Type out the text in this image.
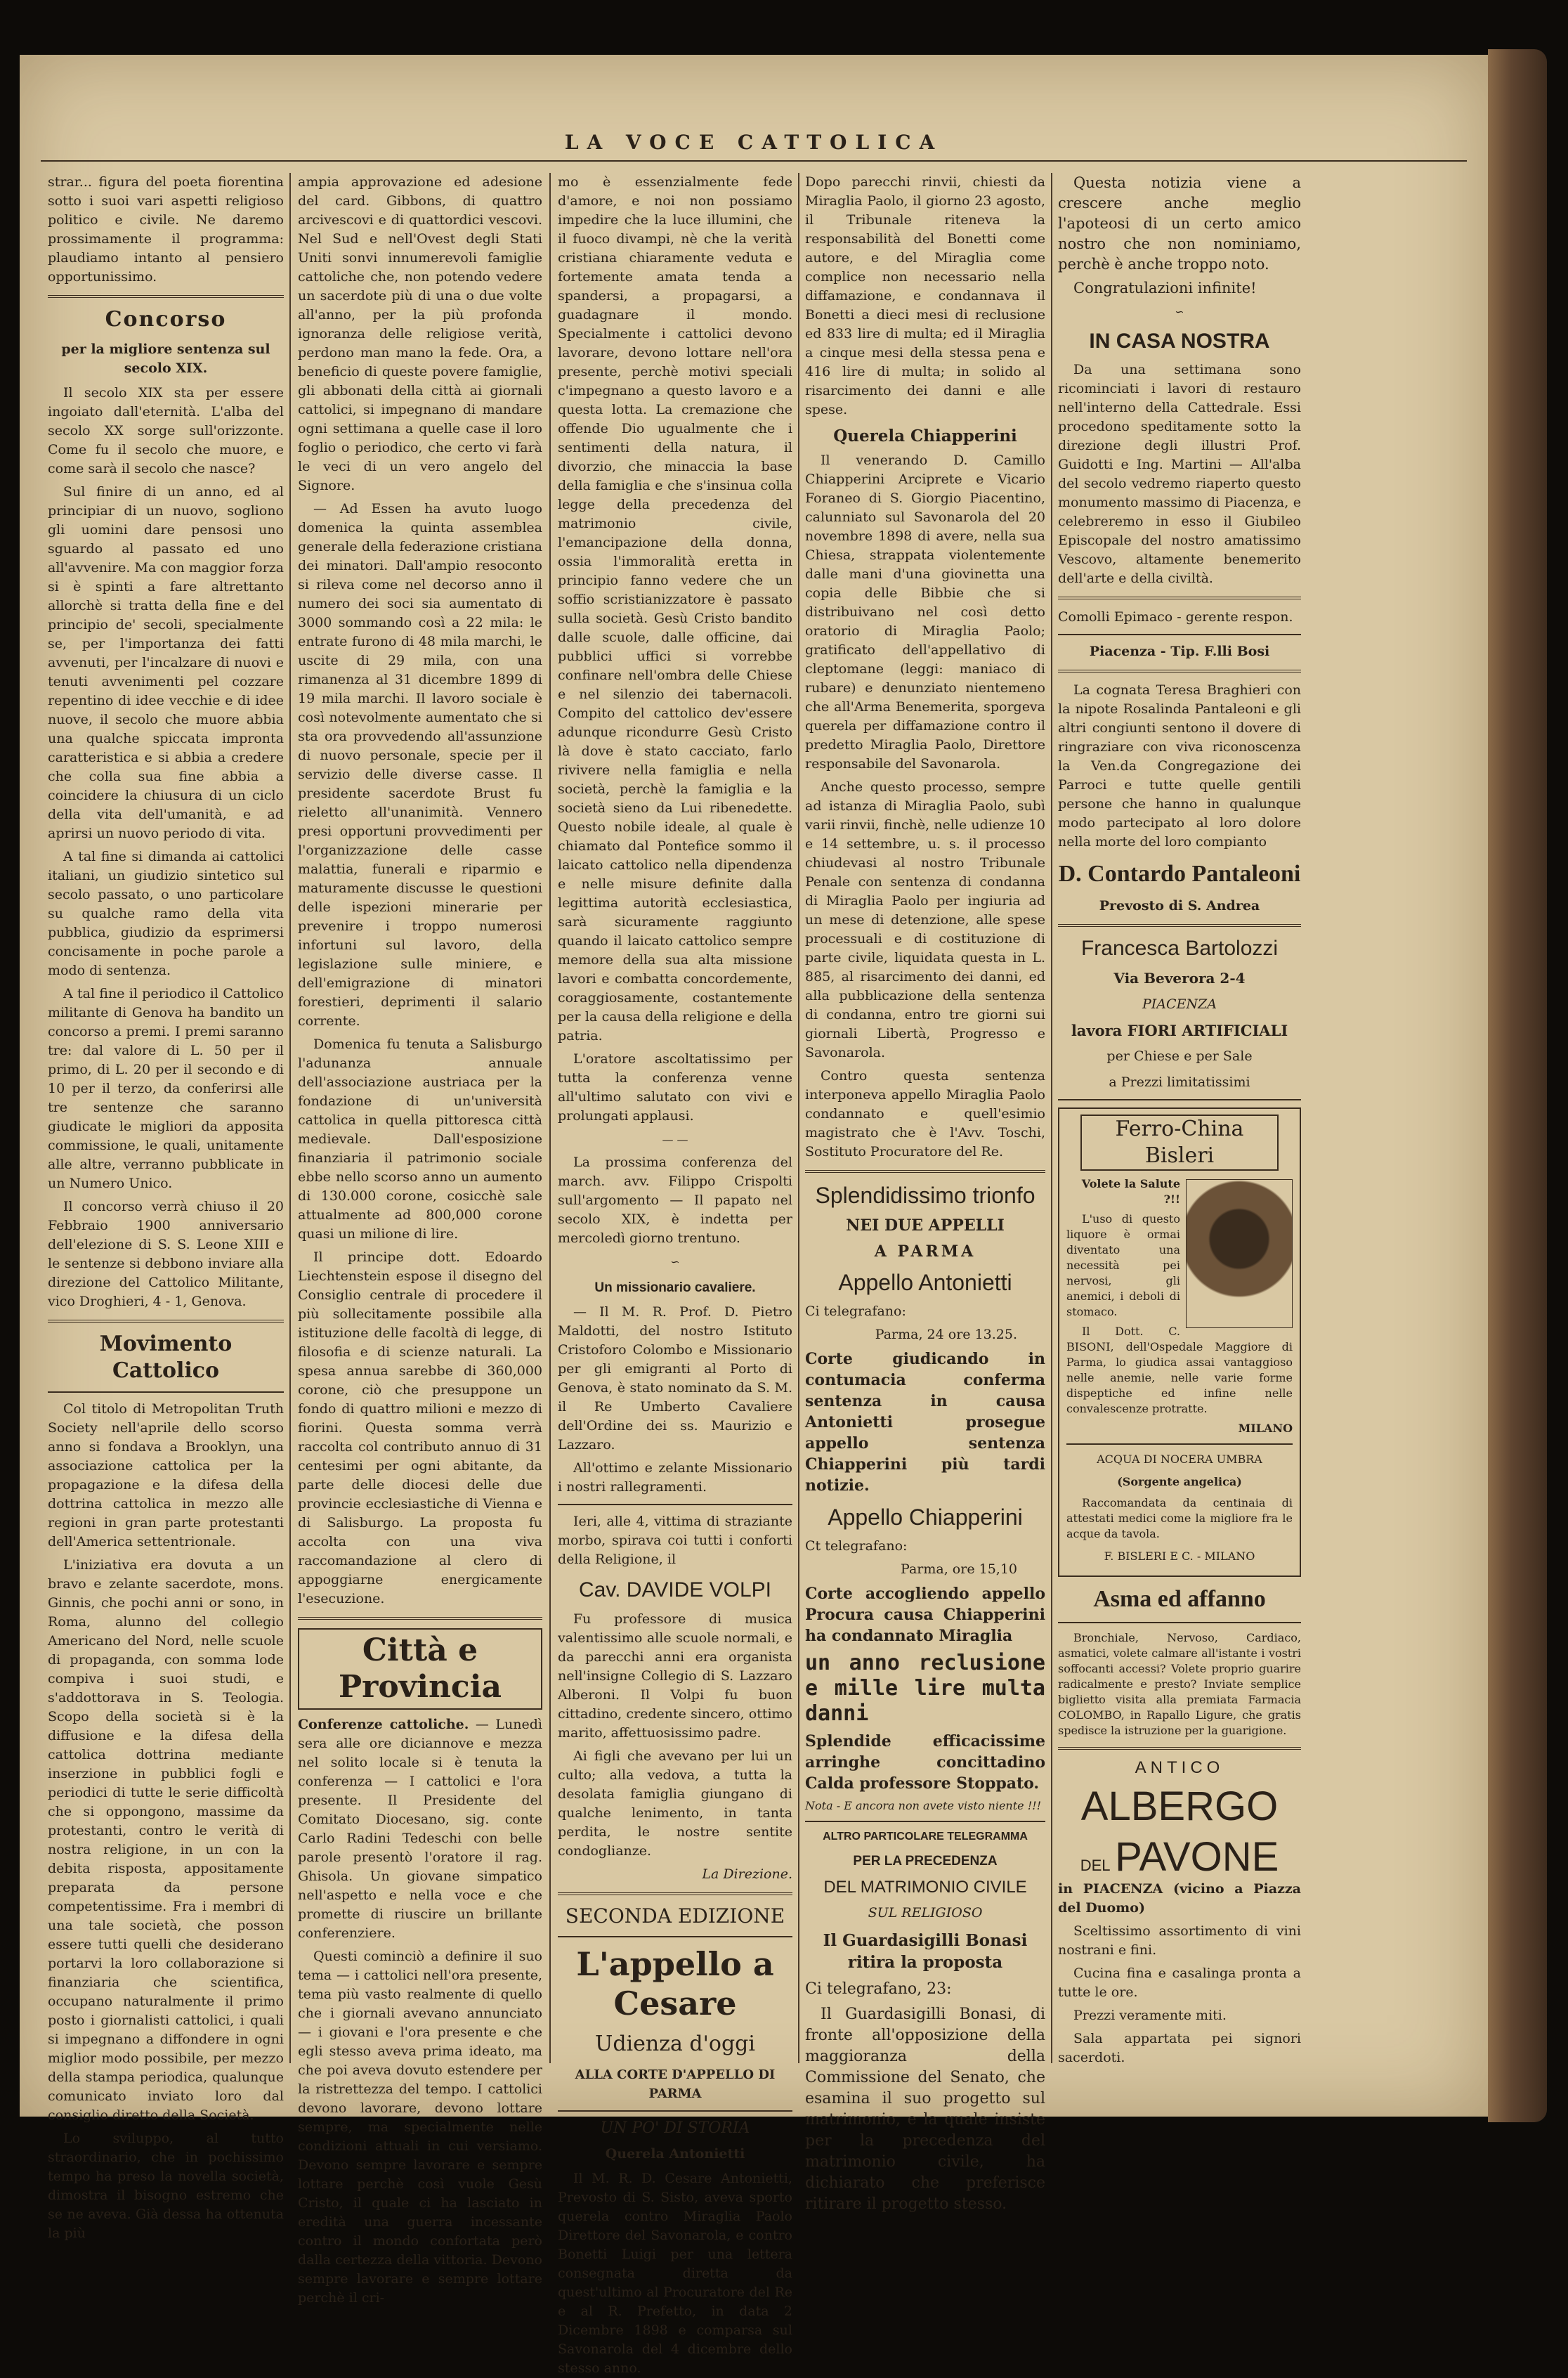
LA VOCE CATTOLICA

strar... figura del poeta fiorentina sotto i suoi vari aspetti religioso politico e civile. Ne daremo prossimamente il programma: plaudiamo intanto al pensiero opportunissimo.

Concorso
per la migliore sentenza sul secolo XIX.

Il secolo XIX sta per essere ingoiato dall'eternità. L'alba del secolo XX sorge sull'orizzonte. Come fu il secolo che muore, e come sarà il secolo che nasce?

Sul finire di un anno, ed al principiar di un nuovo, sogliono gli uomini dare pensosi uno sguardo al passato ed uno all'avvenire. Ma con maggior forza si è spinti a fare altrettanto allorchè si tratta della fine e del principio de' secoli, specialmente se, per l'importanza dei fatti avvenuti, per l'incalzare di nuovi e tenuti avvenimenti pel cozzare repentino di idee vecchie e di idee nuove, il secolo che muore abbia una qualche spiccata impronta caratteristica e si abbia a credere che colla sua fine abbia a coincidere la chiusura di un ciclo della vita dell'umanità, e ad aprirsi un nuovo periodo di vita.

A tal fine si dimanda ai cattolici italiani, un giudizio sintetico sul secolo passato, o uno particolare su qualche ramo della vita pubblica, giudizio da esprimersi concisamente in poche parole a modo di sentenza.

A tal fine il periodico il Cattolico militante di Genova ha bandito un concorso a premi. I premi saranno tre: dal valore di L. 50 per il primo, di L. 20 per il secondo e di 10 per il terzo, da conferirsi alle tre sentenze che saranno giudicate le migliori da apposita commissione, le quali, unitamente alle altre, verranno pubblicate in un Numero Unico.

Il concorso verrà chiuso il 20 Febbraio 1900 anniversario dell'elezione di S. S. Leone XIII e le sentenze si debbono inviare alla direzione del Cattolico Militante, vico Droghieri, 4 - 1, Genova.

Movimento Cattolico

Col titolo di Metropolitan Truth Society nell'aprile dello scorso anno si fondava a Brooklyn, una associazione cattolica per la propagazione e la difesa della dottrina cattolica in mezzo alle regioni in gran parte protestanti dell'America settentrionale.

L'iniziativa era dovuta a un bravo e zelante sacerdote, mons. Ginnis, che pochi anni or sono, in Roma, alunno del collegio Americano del Nord, nelle scuole di propaganda, con somma lode compiva i suoi studi, e s'addottorava in S. Teologia. Scopo della società si è la diffusione e la difesa della cattolica dottrina mediante inserzione in pubblici fogli e periodici di tutte le serie difficoltà che si oppongono, massime da protestanti, contro le verità di nostra religione, in un con la debita risposta, appositamente preparata da persone competentissime. Fra i membri di una tale società, che posson essere tutti quelli che desiderano portarvi la loro collaborazione si finanziaria che scientifica, occupano naturalmente il primo posto i giornalisti cattolici, i quali si impegnano a diffondere in ogni miglior modo possibile, per mezzo della stampa periodica, qualunque comunicato inviato loro dal consiglio diretto della Società.

Lo sviluppo, al tutto straordinario, che in pochissimo tempo ha preso la novella società, dimostra il bisogno estremo che se ne aveva. Già dessa ha ottenuta la più

ampia approvazione ed adesione del card. Gibbons, di quattro arcivescovi e di quattordici vescovi. Nel Sud e nell'Ovest degli Stati Uniti sonvi innumerevoli famiglie cattoliche che, non potendo vedere un sacerdote più di una o due volte all'anno, per la più profonda ignoranza delle religiose verità, perdono man mano la fede. Ora, a beneficio di queste povere famiglie, gli abbonati della città ai giornali cattolici, si impegnano di mandare ogni settimana a quelle case il loro foglio o periodico, che certo vi farà le veci di un vero angelo del Signore.

— Ad Essen ha avuto luogo domenica la quinta assemblea generale della federazione cristiana dei minatori. Dall'ampio resoconto si rileva come nel decorso anno il numero dei soci sia aumentato di 3000 sommando così a 22 mila: le entrate furono di 48 mila marchi, le uscite di 29 mila, con una rimanenza al 31 dicembre 1899 di 19 mila marchi. Il lavoro sociale è così notevolmente aumentato che si sta ora provvedendo all'assunzione di nuovo personale, specie per il servizio delle diverse casse. Il presidente sacerdote Brust fu rieletto all'unanimità. Vennero presi opportuni provvedimenti per l'organizzazione delle casse malattia, funerali e riparmio e maturamente discusse le questioni delle ispezioni minerarie per prevenire i troppo numerosi infortuni sul lavoro, della legislazione sulle miniere, e dell'emigrazione di minatori forestieri, deprimenti il salario corrente.

Domenica fu tenuta a Salisburgo l'adunanza annuale dell'associazione austriaca per la fondazione di un'università cattolica in quella pittoresca città medievale. Dall'esposizione finanziaria il patrimonio sociale ebbe nello scorso anno un aumento di 130.000 corone, cosicchè sale attualmente ad 800,000 corone quasi un milione di lire.

Il principe dott. Edoardo Liechtenstein espose il disegno del Consiglio centrale di procedere il più sollecitamente possibile alla istituzione delle facoltà di legge, di filosofia e di scienze naturali. La spesa annua sarebbe di 360,000 corone, ciò che presuppone un fondo di quattro milioni e mezzo di fiorini. Questa somma verrà raccolta col contributo annuo di 31 centesimi per ogni abitante, da parte delle diocesi delle due provincie ecclesiastiche di Vienna e di Salisburgo. La proposta fu accolta con una viva raccomandazione al clero di appoggiarne energicamente l'esecuzione.

Città e Provincia

Conferenze cattoliche. — Lunedì sera alle ore diciannove e mezza nel solito locale si è tenuta la conferenza — I cattolici e l'ora presente. Il Presidente del Comitato Diocesano, sig. conte Carlo Radini Tedeschi con belle parole presentò l'oratore il rag. Ghisola. Un giovane simpatico nell'aspetto e nella voce e che promette di riuscire un brillante conferenziere.

Questi cominciò a definire il suo tema — i cattolici nell'ora presente, tema più vasto realmente di quello che i giornali avevano annunciato — i giovani e l'ora presente e che egli stesso aveva prima ideato, ma che poi aveva dovuto estendere per la ristrettezza del tempo. I cattolici devono lavorare, devono lottare sempre, ma specialmente nelle condizioni attuali in cui versiamo. Devono sempre lavorare e sempre lottare perchè così vuole Gesù Cristo, il quale ci ha lasciato in eredità una guerra incessante contro il mondo confortata però dalla certezza della vittoria. Devono sempre lavorare e sempre lottare perchè il cri-

mo è essenzialmente fede d'amore, e noi non possiamo impedire che la luce illumini, che il fuoco divampi, nè che la verità cristiana chiaramente veduta e fortemente amata tenda a spandersi, a propagarsi, a guadagnare il mondo. Specialmente i cattolici devono lavorare, devono lottare nell'ora presente, perchè motivi speciali c'impegnano a questo lavoro e a questa lotta. La cremazione che offende Dio ugualmente che i sentimenti della natura, il divorzio, che minaccia la base della famiglia e che s'insinua colla legge della precedenza del matrimonio civile, l'emancipazione della donna, ossia l'immoralità eretta in principio fanno vedere che un soffio scristianizzatore è passato sulla società. Gesù Cristo bandito dalle scuole, dalle officine, dai pubblici uffici si vorrebbe confinare nell'ombra delle Chiese e nel silenzio dei tabernacoli. Compito del cattolico dev'essere adunque ricondurre Gesù Cristo là dove è stato cacciato, farlo rivivere nella famiglia e nella società, perchè la famiglia e la società sieno da Lui ribenedette. Questo nobile ideale, al quale è chiamato dal Pontefice sommo il laicato cattolico nella dipendenza e nelle misure definite dalla legittima autorità ecclesiastica, sarà sicuramente raggiunto quando il laicato cattolico sempre memore della sua alta missione lavori e combatta concordemente, coraggiosamente, costantemente per la causa della religione e della patria.

L'oratore ascoltatissimo per tutta la conferenza venne all'ultimo salutato con vivi e prolungati applausi.

— —

La prossima conferenza del march. avv. Filippo Crispolti sull'argomento — Il papato nel secolo XIX, è indetta per mercoledì giorno trentuno.

∽
Un missionario cavaliere.

— Il M. R. Prof. D. Pietro Maldotti, del nostro Istituto Cristoforo Colombo e Missionario per gli emigranti al Porto di Genova, è stato nominato da S. M. il Re Umberto Cavaliere dell'Ordine dei ss. Maurizio e Lazzaro.

All'ottimo e zelante Missionario i nostri rallegramenti.

Ieri, alle 4, vittima di straziante morbo, spirava coi tutti i conforti della Religione, il

Cav. DAVIDE VOLPI

Fu professore di musica valentissimo alle scuole normali, e da parecchi anni era organista nell'insigne Collegio di S. Lazzaro Alberoni. Il Volpi fu buon cittadino, credente sincero, ottimo marito, affettuosissimo padre.

Ai figli che avevano per lui un culto; alla vedova, a tutta la desolata famiglia giungano di qualche lenimento, in tanta perdita, le nostre sentite condoglianze.

La Direzione.

SECONDA EDIZIONE
L'appello a Cesare
Udienza d'oggi
ALLA CORTE D'APPELLO DI PARMA
UN PO' DI STORIA
Querela Antonietti

Il M. R. D. Cesare Antonietti, Prevosto di S. Sisto, aveva sporto querela contro Miraglia Paolo Direttore del Savonarola, e contro Bonetti Luigi per una lettera consegnata diretta da quest'ultimo al Procuratore del Re e al R. Prefetto, in data 2 Dicembre 1898 e comparsa sul Savonarola del 4 dicembre dello stesso anno.

Dopo parecchi rinvii, chiesti da Miraglia Paolo, il giorno 23 agosto, il Tribunale riteneva la responsabilità del Bonetti come autore, e del Miraglia come complice non necessario nella diffamazione, e condannava il Bonetti a dieci mesi di reclusione ed 833 lire di multa; ed il Miraglia a cinque mesi della stessa pena e 416 lire di multa; in solido al risarcimento dei danni e alle spese.

Querela Chiapperini

Il venerando D. Camillo Chiapperini Arciprete e Vicario Foraneo di S. Giorgio Piacentino, calunniato sul Savonarola del 20 novembre 1898 di avere, nella sua Chiesa, strappata violentemente dalle mani d'una giovinetta una copia delle Bibbie che si distribuivano nel così detto oratorio di Miraglia Paolo; gratificato dell'appellativo di cleptomane (leggi: maniaco di rubare) e denunziato nientemeno che all'Arma Benemerita, sporgeva querela per diffamazione contro il predetto Miraglia Paolo, Direttore responsabile del Savonarola.

Anche questo processo, sempre ad istanza di Miraglia Paolo, subì varii rinvii, finchè, nelle udienze 10 e 14 settembre, u. s. il processo chiudevasi al nostro Tribunale Penale con sentenza di condanna di Miraglia Paolo per ingiuria ad un mese di detenzione, alle spese processuali e di costituzione di parte civile, liquidata questa in L. 885, al risarcimento dei danni, ed alla pubblicazione della sentenza di condanna, entro tre giorni sui giornali Libertà, Progresso e Savonarola.

Contro questa sentenza interponeva appello Miraglia Paolo condannato e quell'esimio magistrato che è l'Avv. Toschi, Sostituto Procuratore del Re.

Splendidissimo trionfo
NEI DUE APPELLI
A PARMA
Appello Antonietti

Ci telegrafano:

Parma, 24 ore 13.25.

Corte giudicando in contumacia conferma sentenza in causa Antonietti prosegue appello sentenza Chiapperini più tardi notizie.

Appello Chiapperini

Ct telegrafano:

Parma, ore 15,10

Corte accogliendo appello Procura causa Chiapperini ha condannato Miraglia

un anno reclusione e mille lire multa danni

Splendide efficacissime arringhe concittadino Calda professore Stoppato.

Nota - E ancora non avete visto niente !!!

ALTRO PARTICOLARE TELEGRAMMA
PER LA PRECEDENZA
DEL MATRIMONIO CIVILE
SUL RELIGIOSO
Il Guardasigilli Bonasi ritira la proposta

Ci telegrafano, 23:

Il Guardasigilli Bonasi, di fronte all'opposizione della maggioranza della Commissione del Senato, che esamina il suo progetto sul matrimonio, e la quale insiste per la precedenza del matrimonio civile, ha dichiarato che preferisce ritirare il progetto stesso.

Questa notizia viene a crescere anche meglio l'apoteosi di un certo amico nostro che non nominiamo, perchè è anche troppo noto.

Congratulazioni infinite!

∽
IN CASA NOSTRA

Da una settimana sono ricominciati i lavori di restauro nell'interno della Cattedrale. Essi procedono speditamente sotto la direzione degli illustri Prof. Guidotti e Ing. Martini — All'alba del secolo vedremo riaperto questo monumento massimo di Piacenza, e celebreremo in esso il Giubileo Episcopale del nostro amatissimo Vescovo, altamente benemerito dell'arte e della civiltà.

Comolli Epimaco - gerente respon.

Piacenza - Tip. F.lli Bosi

La cognata Teresa Braghieri con la nipote Rosalinda Pantaleoni e gli altri congiunti sentono il dovere di ringraziare con viva riconoscenza la Ven.da Congregazione dei Parroci e tutte quelle gentili persone che hanno in qualunque modo partecipato al loro dolore nella morte del loro compianto

D. Contardo Pantaleoni
Prevosto di S. Andrea
Francesca Bartolozzi
Via Beverora 2-4
PIACENZA
lavora FIORI ARTIFICIALI
per Chiese e per Sale
a Prezzi limitatissimi
Ferro-China Bisleri

Volete la Salute ?!!

L'uso di questo liquore è ormai diventato una necessità pei nervosi, gli anemici, i deboli di stomaco.

Il Dott. C. BISONI, dell'Ospedale Maggiore di Parma, lo giudica assai vantaggioso nelle anemie, nelle varie forme dispeptiche ed infine nelle convalescenze protratte.

MILANO

ACQUA DI NOCERA UMBRA
(Sorgente angelica)

Raccomandata da centinaia di attestati medici come la migliore fra le acque da tavola.

F. BISLERI E C. - MILANO
Asma ed affanno

Bronchiale, Nervoso, Cardiaco, asmatici, volete calmare all'istante i vostri soffocanti accessi? Volete proprio guarire radicalmente e presto? Inviate semplice biglietto visita alla premiata Farmacia COLOMBO, in Rapallo Ligure, che gratis spedisce la istruzione per la guarigione.

ANTICO
ALBERGO
DEL PAVONE

in PIACENZA (vicino a Piazza del Duomo)

Sceltissimo assortimento di vini nostrani e fini.

Cucina fina e casalinga pronta a tutte le ore.

Prezzi veramente miti.

Sala appartata pei signori sacerdoti.
